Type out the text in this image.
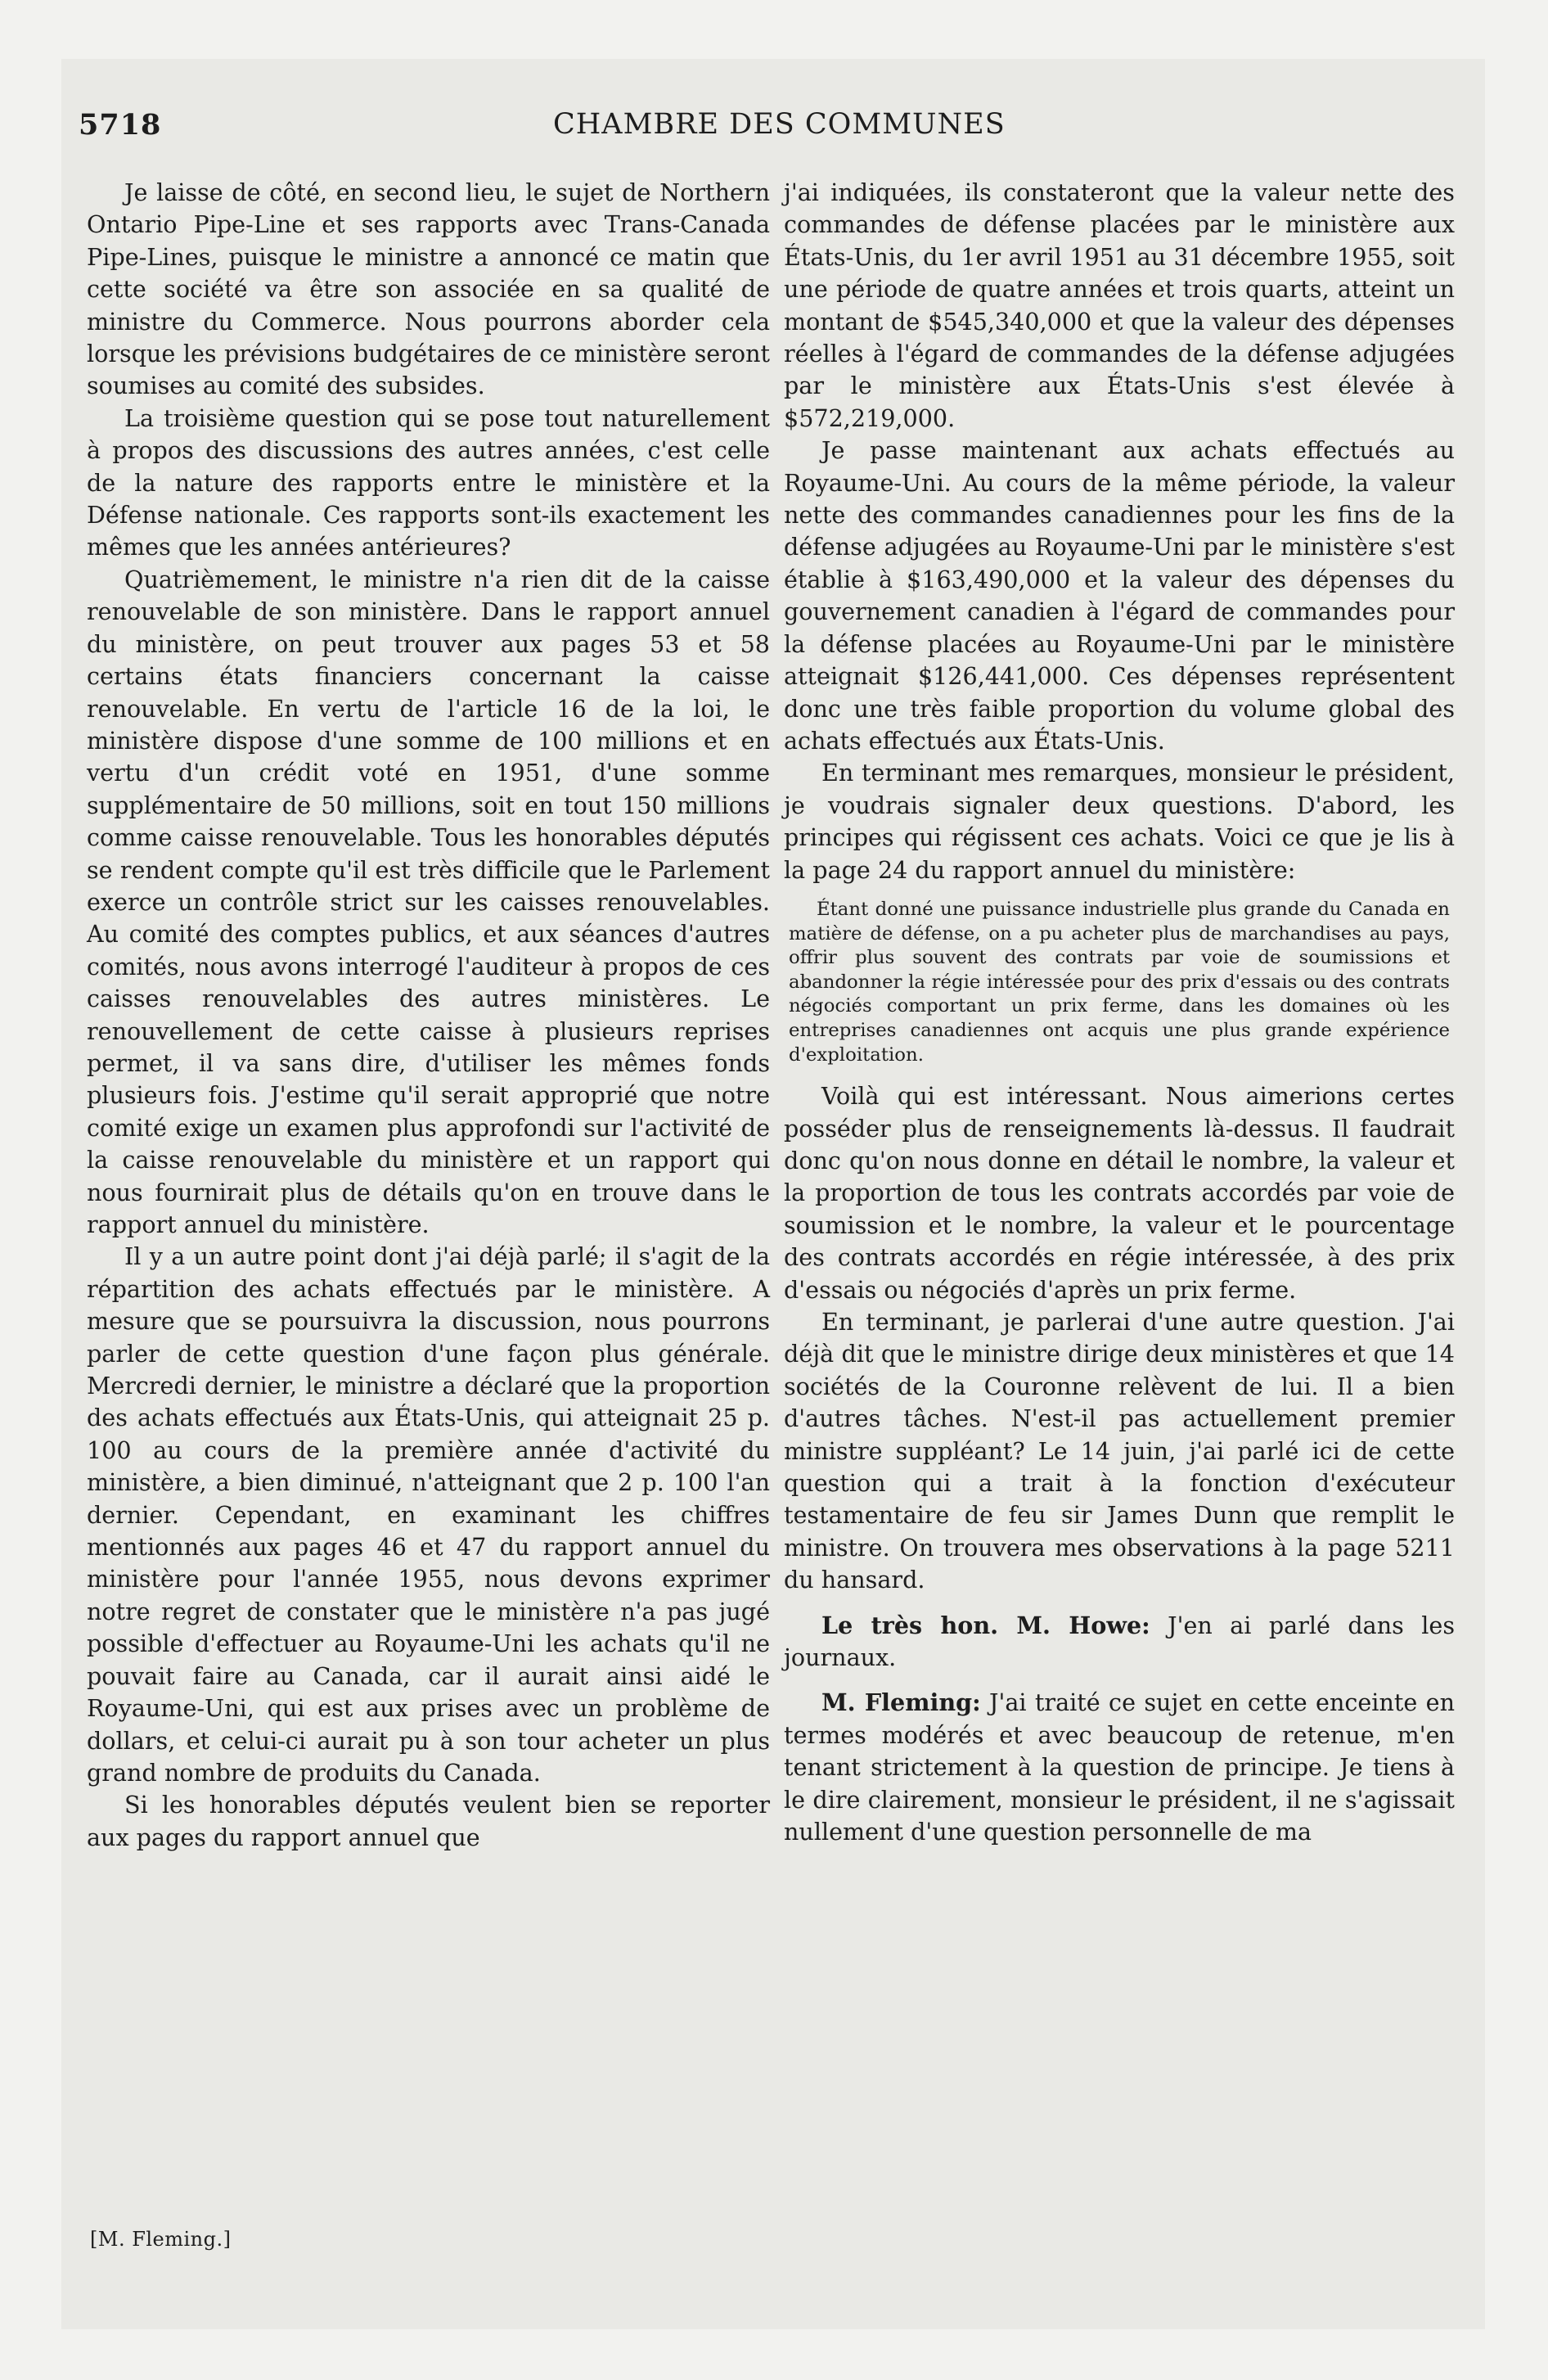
5718	CHAMBRE DES COMMUNES

Je laisse de côté, en second lieu, le sujet de Northern Ontario Pipe-Line et ses rapports avec Trans-Canada Pipe-Lines, puisque le ministre a annoncé ce matin que cette société va être son associée en sa qualité de ministre du Commerce. Nous pourrons aborder cela lorsque les prévisions budgétaires de ce ministère seront soumises au comité des subsides.

La troisième question qui se pose tout naturellement à propos des discussions des autres années, c'est celle de la nature des rapports entre le ministère et la Défense nationale. Ces rapports sont-ils exactement les mêmes que les années antérieures?

Quatrièmement, le ministre n'a rien dit de la caisse renouvelable de son ministère. Dans le rapport annuel du ministère, on peut trouver aux pages 53 et 58 certains états financiers concernant la caisse renouvelable. En vertu de l'article 16 de la loi, le ministère dispose d'une somme de 100 millions et en vertu d'un crédit voté en 1951, d'une somme supplémentaire de 50 millions, soit en tout 150 millions comme caisse renouvelable. Tous les honorables députés se rendent compte qu'il est très difficile que le Parlement exerce un contrôle strict sur les caisses renouvelables. Au comité des comptes publics, et aux séances d'autres comités, nous avons interrogé l'auditeur à propos de ces caisses renouvelables des autres ministères. Le renouvellement de cette caisse à plusieurs reprises permet, il va sans dire, d'utiliser les mêmes fonds plusieurs fois. J'estime qu'il serait approprié que notre comité exige un examen plus approfondi sur l'activité de la caisse renouvelable du ministère et un rapport qui nous fournirait plus de détails qu'on en trouve dans le rapport annuel du ministère.

Il y a un autre point dont j'ai déjà parlé; il s'agit de la répartition des achats effectués par le ministère. A mesure que se poursuivra la discussion, nous pourrons parler de cette question d'une façon plus générale. Mercredi dernier, le ministre a déclaré que la proportion des achats effectués aux États-Unis, qui atteignait 25 p. 100 au cours de la première année d'activité du ministère, a bien diminué, n'atteignant que 2 p. 100 l'an dernier. Cependant, en examinant les chiffres mentionnés aux pages 46 et 47 du rapport annuel du ministère pour l'année 1955, nous devons exprimer notre regret de constater que le ministère n'a pas jugé possible d'effectuer au Royaume-Uni les achats qu'il ne pouvait faire au Canada, car il aurait ainsi aidé le Royaume-Uni, qui est aux prises avec un problème de dollars, et celui-ci aurait pu à son tour acheter un plus grand nombre de produits du Canada.

Si les honorables députés veulent bien se reporter aux pages du rapport annuel que

j'ai indiquées, ils constateront que la valeur nette des commandes de défense placées par le ministère aux États-Unis, du 1er avril 1951 au 31 décembre 1955, soit une période de quatre années et trois quarts, atteint un montant de $545,340,000 et que la valeur des dépenses réelles à l'égard de commandes de la défense adjugées par le ministère aux États-Unis s'est élevée à $572,219,000.

Je passe maintenant aux achats effectués au Royaume-Uni. Au cours de la même période, la valeur nette des commandes canadiennes pour les fins de la défense adjugées au Royaume-Uni par le ministère s'est établie à $163,490,000 et la valeur des dépenses du gouvernement canadien à l'égard de commandes pour la défense placées au Royaume-Uni par le ministère atteignait $126,441,000. Ces dépenses représentent donc une très faible proportion du volume global des achats effectués aux États-Unis.

En terminant mes remarques, monsieur le président, je voudrais signaler deux questions. D'abord, les principes qui régissent ces achats. Voici ce que je lis à la page 24 du rapport annuel du ministère:

Étant donné une puissance industrielle plus grande du Canada en matière de défense, on a pu acheter plus de marchandises au pays, offrir plus souvent des contrats par voie de soumissions et abandonner la régie intéressée pour des prix d'essais ou des contrats négociés comportant un prix ferme, dans les domaines où les entreprises canadiennes ont acquis une plus grande expérience d'exploitation.

Voilà qui est intéressant. Nous aimerions certes posséder plus de renseignements là-dessus. Il faudrait donc qu'on nous donne en détail le nombre, la valeur et la proportion de tous les contrats accordés par voie de soumission et le nombre, la valeur et le pourcentage des contrats accordés en régie intéressée, à des prix d'essais ou négociés d'après un prix ferme.

En terminant, je parlerai d'une autre question. J'ai déjà dit que le ministre dirige deux ministères et que 14 sociétés de la Couronne relèvent de lui. Il a bien d'autres tâches. N'est-il pas actuellement premier ministre suppléant? Le 14 juin, j'ai parlé ici de cette question qui a trait à la fonction d'exécuteur testamentaire de feu sir James Dunn que remplit le ministre. On trouvera mes observations à la page 5211 du hansard.

Le très hon. M. Howe: J'en ai parlé dans les journaux.

M. Fleming: J'ai traité ce sujet en cette enceinte en termes modérés et avec beaucoup de retenue, m'en tenant strictement à la question de principe. Je tiens à le dire clairement, monsieur le président, il ne s'agissait nullement d'une question personnelle de ma

[M. Fleming.]
